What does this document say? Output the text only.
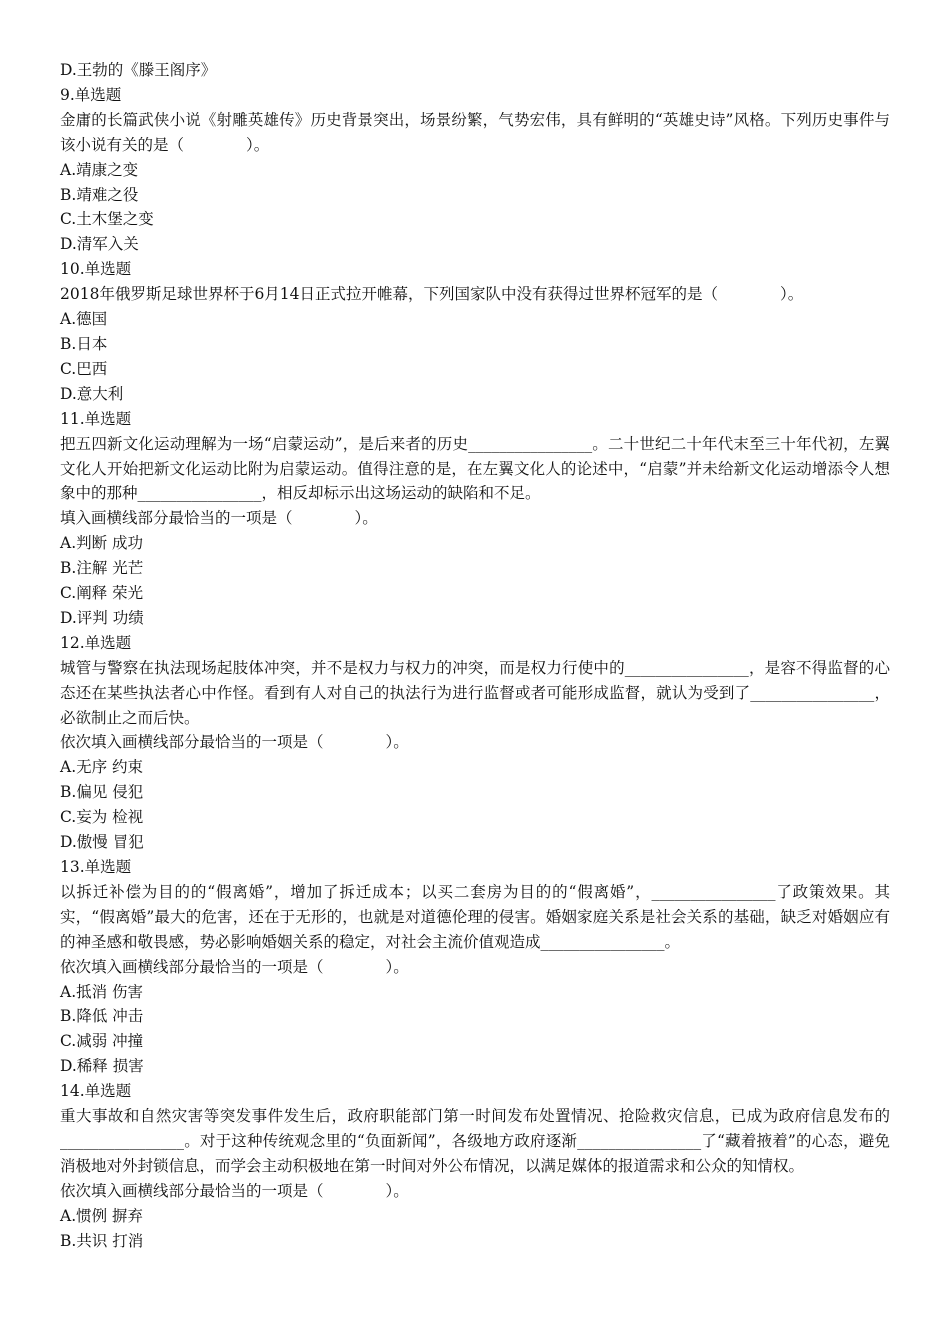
D.王勃的《滕王阁序》
9.单选题
金庸的长篇武侠小说《射雕英雄传》历史背景突出，场景纷繁，气势宏伟，具有鲜明的“英雄史诗”风格。下列历史事件与该小说有关的是（　　　　）。
A.靖康之变
B.靖难之役
C.土木堡之变
D.清军入关
10.单选题
2018年俄罗斯足球世界杯于6月14日正式拉开帷幕，下列国家队中没有获得过世界杯冠军的是（　　　　）。
A.德国
B.日本
C.巴西
D.意大利
11.单选题
把五四新文化运动理解为一场“启蒙运动”，是后来者的历史________________。二十世纪二十年代末至三十年代初，左翼文化人开始把新文化运动比附为启蒙运动。值得注意的是，在左翼文化人的论述中，“启蒙”并未给新文化运动增添令人想象中的那种________________，相反却标示出这场运动的缺陷和不足。
填入画横线部分最恰当的一项是（　　　　）。
A.判断 成功
B.注解 光芒
C.阐释 荣光
D.评判 功绩
12.单选题
城管与警察在执法现场起肢体冲突，并不是权力与权力的冲突，而是权力行使中的________________，是容不得监督的心态还在某些执法者心中作怪。看到有人对自己的执法行为进行监督或者可能形成监督，就认为受到了________________，必欲制止之而后快。
依次填入画横线部分最恰当的一项是（　　　　）。
A.无序 约束
B.偏见 侵犯
C.妄为 检视
D.傲慢 冒犯
13.单选题
以拆迁补偿为目的的“假离婚”，增加了拆迁成本；以买二套房为目的的“假离婚”，________________了政策效果。其实，“假离婚”最大的危害，还在于无形的，也就是对道德伦理的侵害。婚姻家庭关系是社会关系的基础，缺乏对婚姻应有的神圣感和敬畏感，势必影响婚姻关系的稳定，对社会主流价值观造成________________。
依次填入画横线部分最恰当的一项是（　　　　）。
A.抵消 伤害
B.降低 冲击
C.减弱 冲撞
D.稀释 损害
14.单选题
重大事故和自然灾害等突发事件发生后，政府职能部门第一时间发布处置情况、抢险救灾信息，已成为政府信息发布的________________。对于这种传统观念里的“负面新闻”，各级地方政府逐渐________________了“藏着掖着”的心态，避免消极地对外封锁信息，而学会主动积极地在第一时间对外公布情况，以满足媒体的报道需求和公众的知情权。
依次填入画横线部分最恰当的一项是（　　　　）。
A.惯例 摒弃
B.共识 打消
